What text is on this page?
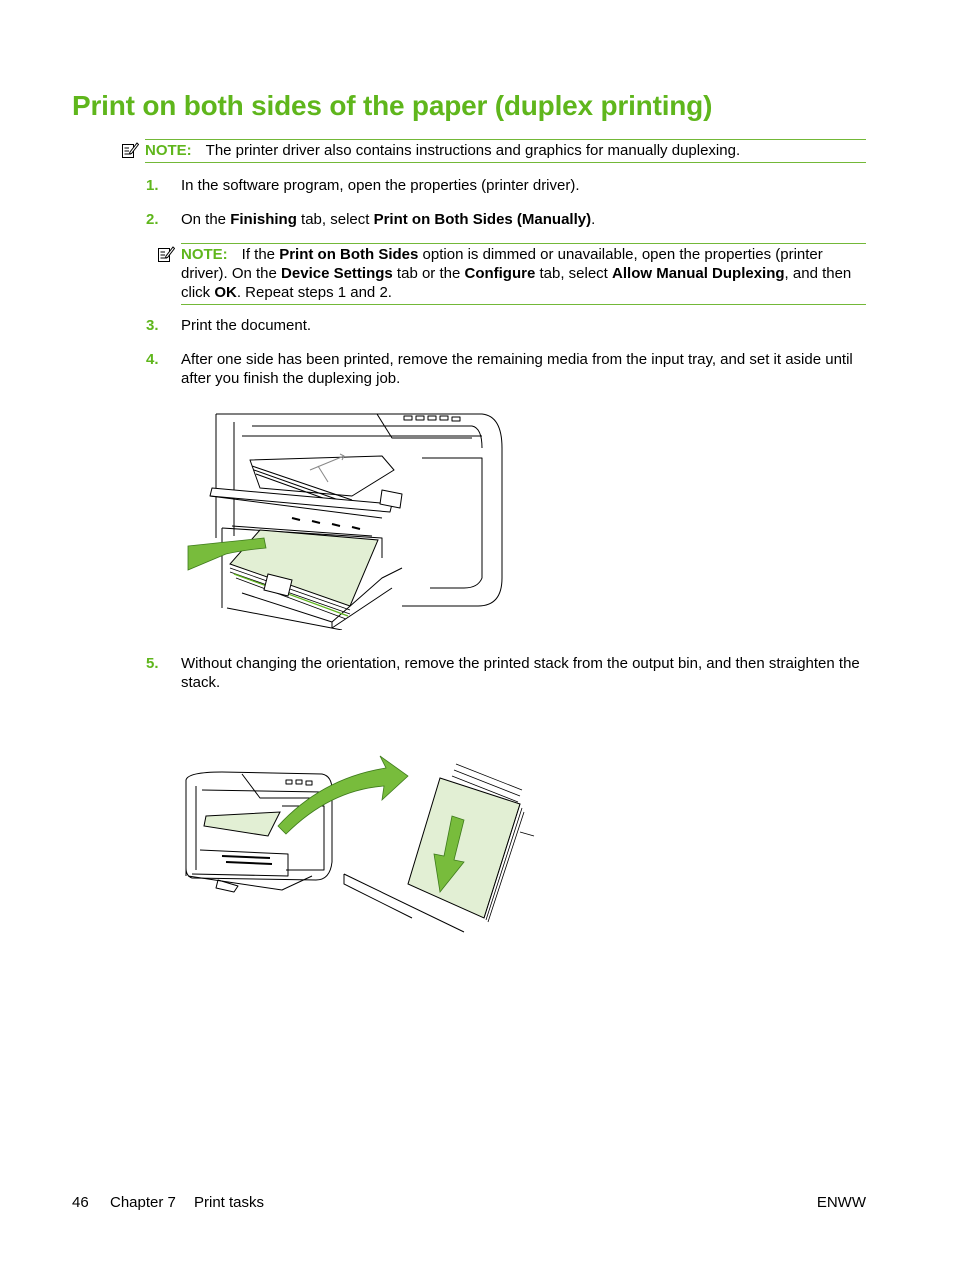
Print on both sides of the paper (duplex printing)
NOTE: The printer driver also contains instructions and graphics for manually duplexing.
1. In the software program, open the properties (printer driver).
2. On the Finishing tab, select Print on Both Sides (Manually).
NOTE: If the Print on Both Sides option is dimmed or unavailable, open the properties (printer driver). On the Device Settings tab or the Configure tab, select Allow Manual Duplexing, and then click OK. Repeat steps 1 and 2.
3. Print the document.
4. After one side has been printed, remove the remaining media from the input tray, and set it aside until after you finish the duplexing job.
5. Without changing the orientation, remove the printed stack from the output bin, and then straighten the stack.
46 Chapter 7 Print tasks	ENWW
